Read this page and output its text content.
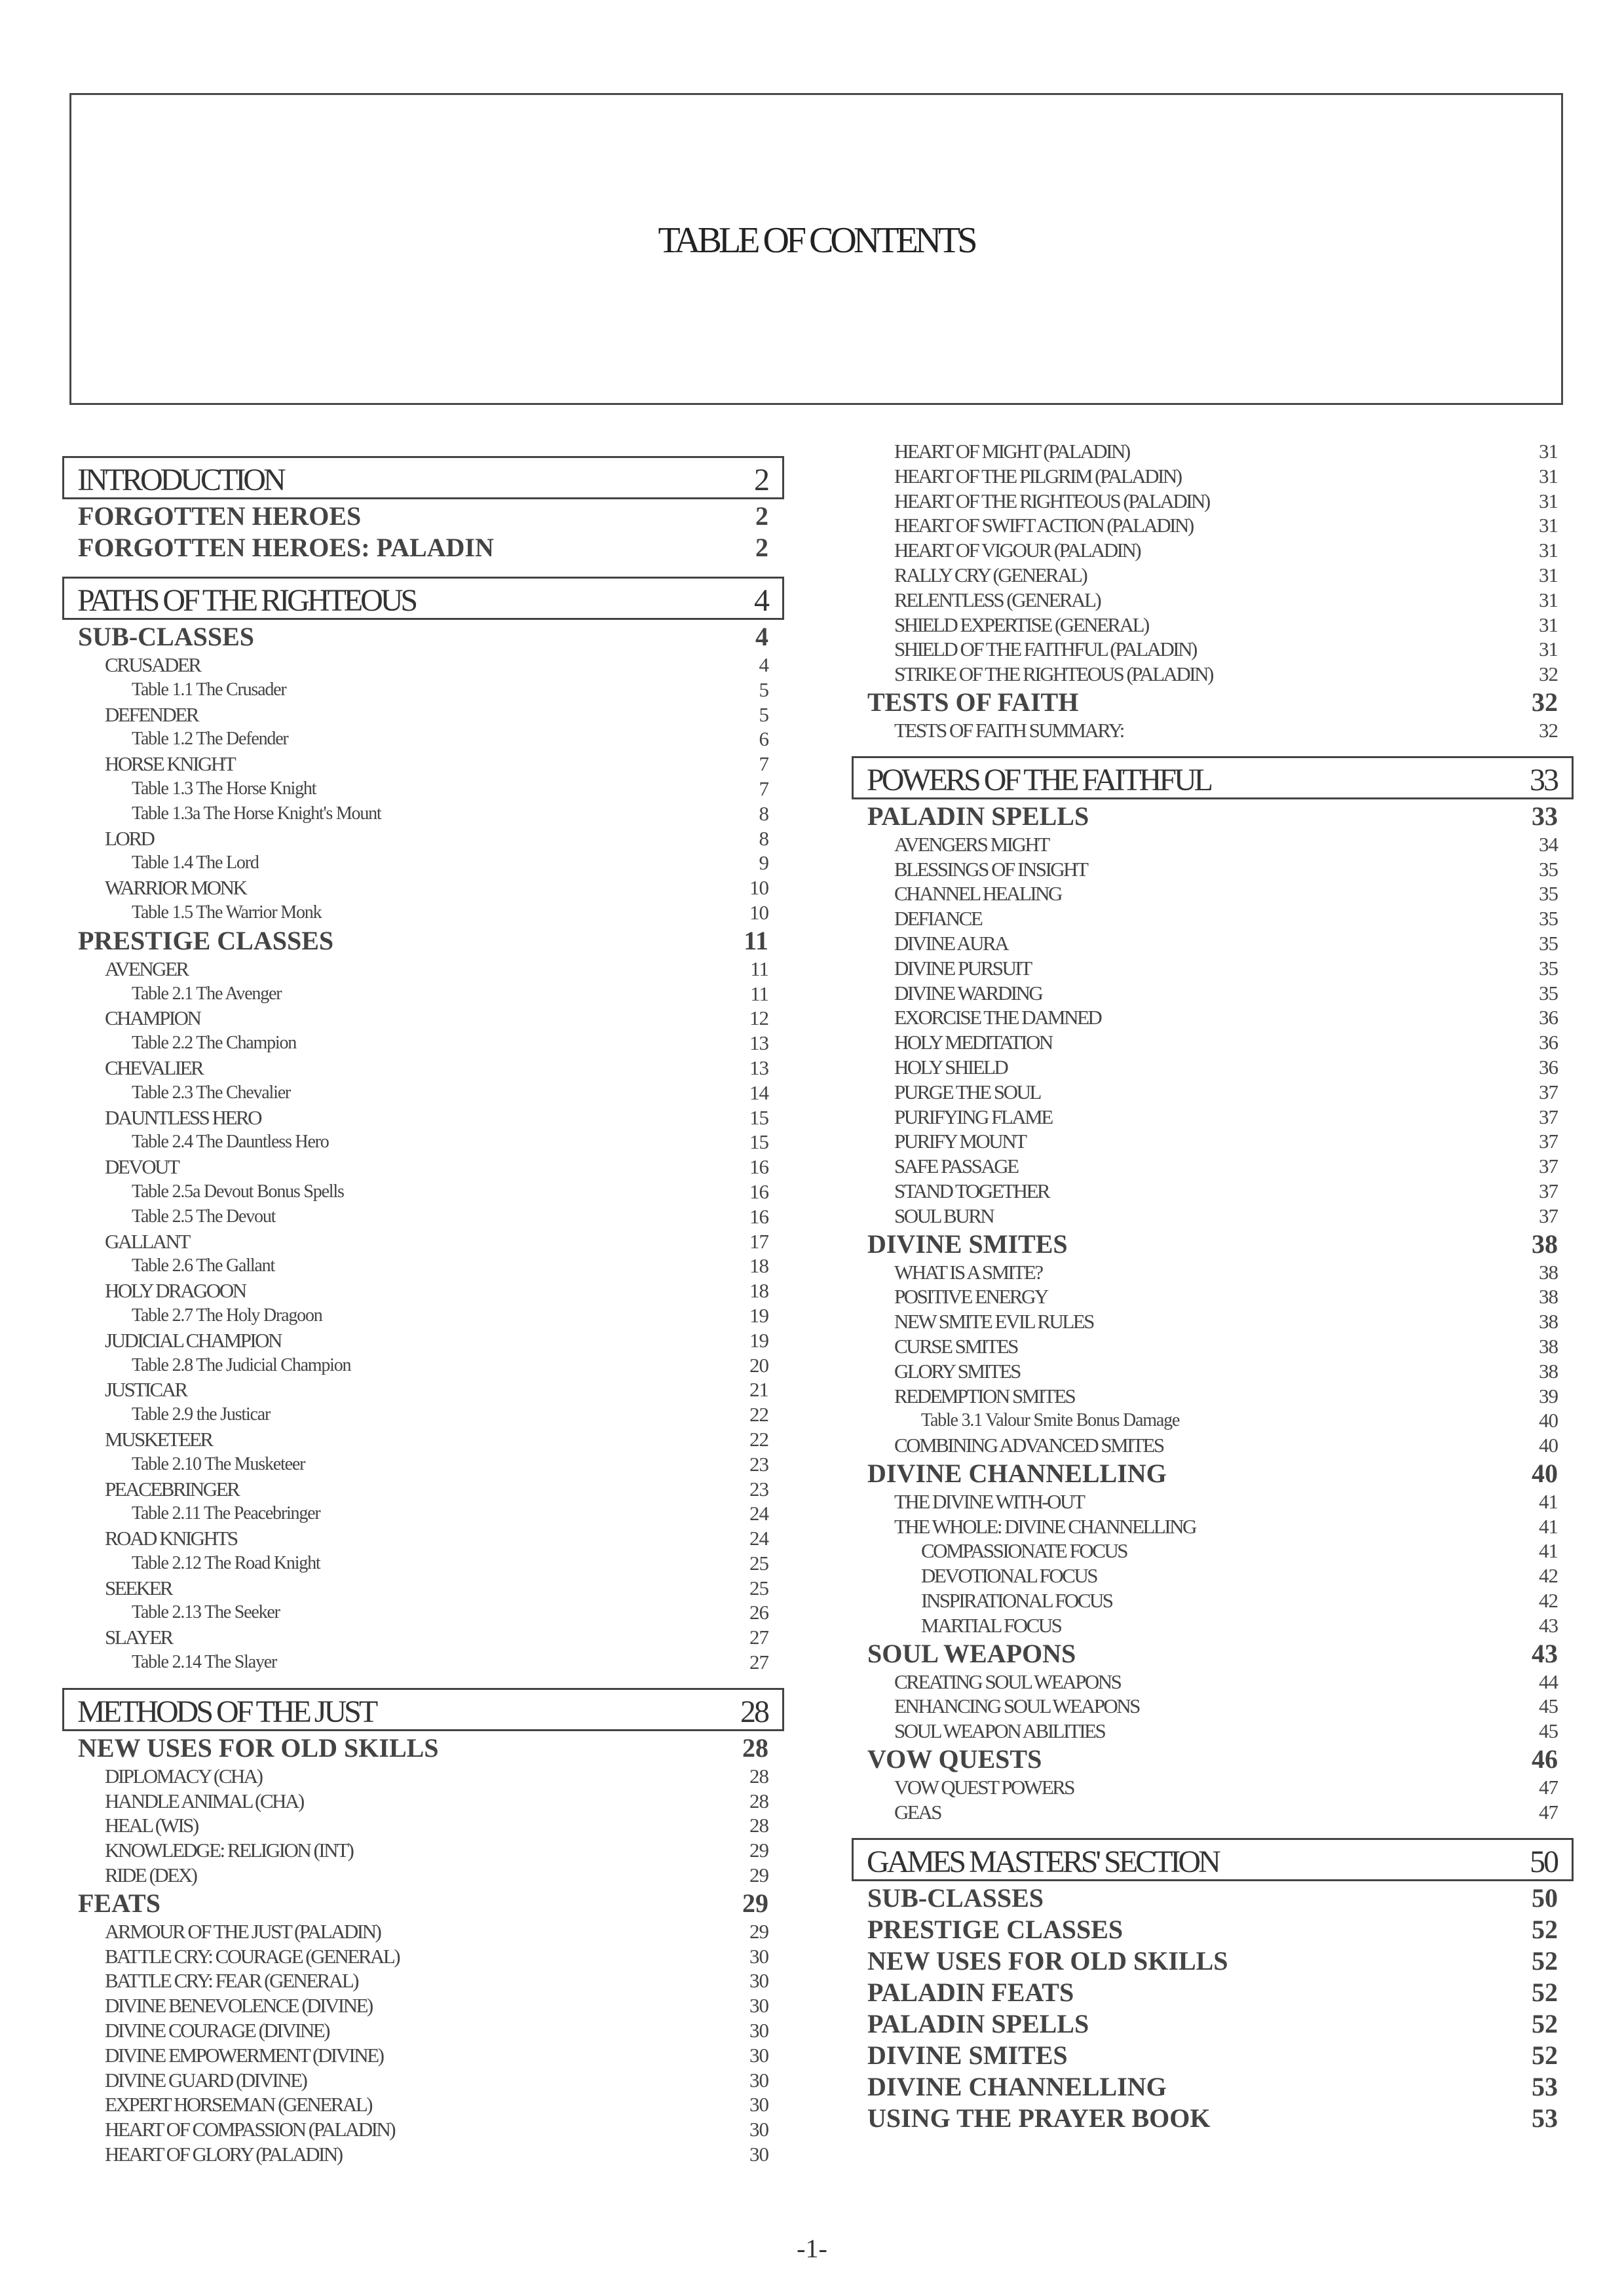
TABLE OF CONTENTS
INTRODUCTION	2
FORGOTTEN HEROES	2
FORGOTTEN HEROES: PALADIN	2
PATHS OF THE RIGHTEOUS	4
SUB-CLASSES	4
CRUSADER	4
Table 1.1 The Crusader	5
DEFENDER	5
Table 1.2 The Defender	6
HORSE KNIGHT	7
Table 1.3 The Horse Knight	7
Table 1.3a The Horse Knight's Mount	8
LORD	8
Table 1.4 The Lord	9
WARRIOR MONK	10
Table 1.5 The Warrior Monk	10
PRESTIGE CLASSES	11
AVENGER	11
Table 2.1 The Avenger	11
CHAMPION	12
Table 2.2 The Champion	13
CHEVALIER	13
Table 2.3 The Chevalier	14
DAUNTLESS HERO	15
Table 2.4 The Dauntless Hero	15
DEVOUT	16
Table 2.5a Devout Bonus Spells	16
Table 2.5 The Devout	16
GALLANT	17
Table 2.6 The Gallant	18
HOLY DRAGOON	18
Table 2.7 The Holy Dragoon	19
JUDICIAL CHAMPION	19
Table 2.8 The Judicial Champion	20
JUSTICAR	21
Table 2.9 the Justicar	22
MUSKETEER	22
Table 2.10 The Musketeer	23
PEACEBRINGER	23
Table 2.11 The Peacebringer	24
ROAD KNIGHTS	24
Table 2.12 The Road Knight	25
SEEKER	25
Table 2.13 The Seeker	26
SLAYER	27
Table 2.14 The Slayer	27
METHODS OF THE JUST	28
NEW USES FOR OLD SKILLS	28
DIPLOMACY (CHA)	28
HANDLE ANIMAL (CHA)	28
HEAL (WIS)	28
KNOWLEDGE: RELIGION (INT)	29
RIDE (DEX)	29
FEATS	29
ARMOUR OF THE JUST (PALADIN)	29
BATTLE CRY: COURAGE (GENERAL)	30
BATTLE CRY: FEAR (GENERAL)	30
DIVINE BENEVOLENCE (DIVINE)	30
DIVINE COURAGE (DIVINE)	30
DIVINE EMPOWERMENT (DIVINE)	30
DIVINE GUARD (DIVINE)	30
EXPERT HORSEMAN (GENERAL)	30
HEART OF COMPASSION (PALADIN)	30
HEART OF GLORY (PALADIN)	30
HEART OF MIGHT (PALADIN)	31
HEART OF THE PILGRIM (PALADIN)	31
HEART OF THE RIGHTEOUS (PALADIN)	31
HEART OF SWIFT ACTION (PALADIN)	31
HEART OF VIGOUR (PALADIN)	31
RALLY CRY (GENERAL)	31
RELENTLESS (GENERAL)	31
SHIELD EXPERTISE (GENERAL)	31
SHIELD OF THE FAITHFUL (PALADIN)	31
STRIKE OF THE RIGHTEOUS (PALADIN)	32
TESTS OF FAITH	32
TESTS OF FAITH SUMMARY:	32
POWERS OF THE FAITHFUL	33
PALADIN SPELLS	33
AVENGERS MIGHT	34
BLESSINGS OF INSIGHT	35
CHANNEL HEALING	35
DEFIANCE	35
DIVINE AURA	35
DIVINE PURSUIT	35
DIVINE WARDING	35
EXORCISE THE DAMNED	36
HOLY MEDITATION	36
HOLY SHIELD	36
PURGE THE SOUL	37
PURIFYING FLAME	37
PURIFY MOUNT	37
SAFE PASSAGE	37
STAND TOGETHER	37
SOUL BURN	37
DIVINE SMITES	38
WHAT IS A SMITE?	38
POSITIVE ENERGY	38
NEW SMITE EVIL RULES	38
CURSE SMITES	38
GLORY SMITES	38
REDEMPTION SMITES	39
Table 3.1 Valour Smite Bonus Damage	40
COMBINING ADVANCED SMITES	40
DIVINE CHANNELLING	40
THE DIVINE WITH-OUT	41
THE WHOLE: DIVINE CHANNELLING	41
COMPASSIONATE FOCUS	41
DEVOTIONAL FOCUS	42
INSPIRATIONAL FOCUS	42
MARTIAL FOCUS	43
SOUL WEAPONS	43
CREATING SOUL WEAPONS	44
ENHANCING SOUL WEAPONS	45
SOUL WEAPON ABILITIES	45
VOW QUESTS	46
VOW QUEST POWERS	47
GEAS	47
GAMES MASTERS' SECTION	50
SUB-CLASSES	50
PRESTIGE CLASSES	52
NEW USES FOR OLD SKILLS	52
PALADIN FEATS	52
PALADIN SPELLS	52
DIVINE SMITES	52
DIVINE CHANNELLING	53
USING THE PRAYER BOOK	53
-1-
